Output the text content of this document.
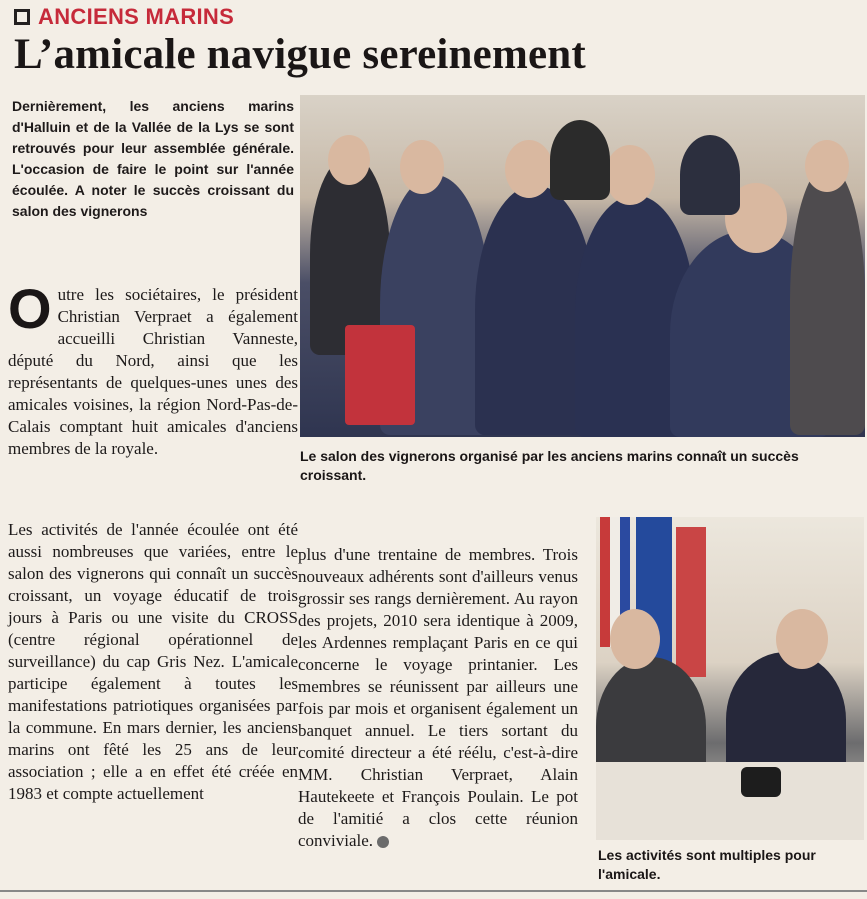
ANCIENS MARINS
L’amicale navigue sereinement

Dernièrement, les anciens marins d'Halluin et de la Vallée de la Lys se sont retrouvés pour leur assemblée générale. L'occasion de faire le point sur l'année écoulée. A noter le succès croissant du salon des vignerons

O utre les sociétaires, le président Christian Verpraet a également accueilli Christian Vanneste, député du Nord, ainsi que les représentants de quelques-unes unes des amicales voisines, la région Nord-Pas-de-Calais comptant huit amicales d'anciens membres de la royale.

Les activités de l'année écoulée ont été aussi nombreuses que variées, entre le salon des vignerons qui connaît un succès croissant, un voyage éducatif de trois jours à Paris ou une visite du CROSS (centre régional opérationnel de surveillance) du cap Gris Nez. L'amicale participe également à toutes les manifestations patriotiques organisées par la commune. En mars dernier, les anciens marins ont fêté les 25 ans de leur association ; elle a en effet été créée en 1983 et compte actuellement

plus d'une trentaine de membres. Trois nouveaux adhérents sont d'ailleurs venus grossir ses rangs dernièrement. Au rayon des projets, 2010 sera identique à 2009, les Ardennes remplaçant Paris en ce qui concerne le voyage printanier. Les membres se réunissent par ailleurs une fois par mois et organisent également un banquet annuel. Le tiers sortant du comité directeur a été réélu, c'est-à-dire MM. Christian Verpraet, Alain Hautekeete et François Poulain. Le pot de l'amitié a clos cette réunion conviviale.

Le salon des vignerons organisé par les anciens marins connaît un succès croissant.

Les activités sont multiples pour l'amicale.
